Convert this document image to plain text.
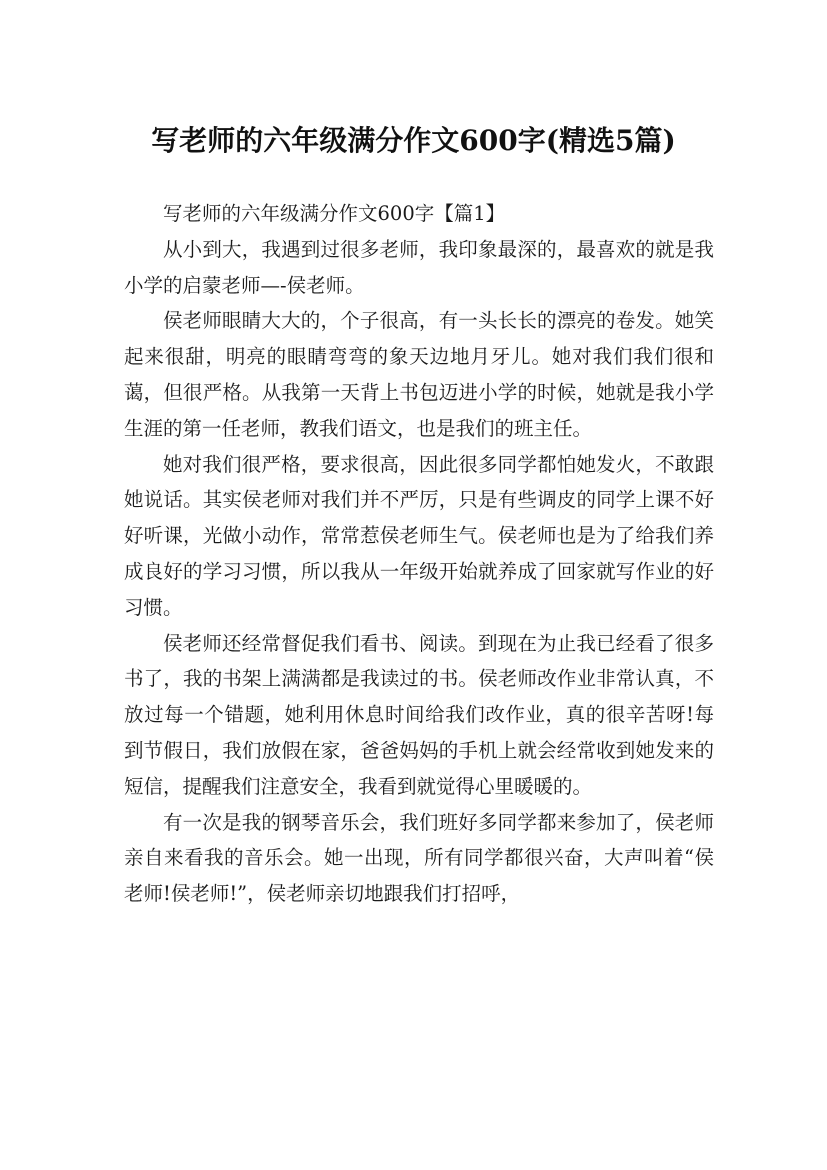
写老师的六年级满分作文600字(精选5篇)

写老师的六年级满分作文600字【篇1】

从小到大，我遇到过很多老师，我印象最深的，最喜欢的就是我小学的启蒙老师—-侯老师。

侯老师眼睛大大的，个子很高，有一头长长的漂亮的卷发。她笑起来很甜，明亮的眼睛弯弯的象天边地月牙儿。她对我们我们很和蔼，但很严格。从我第一天背上书包迈进小学的时候，她就是我小学生涯的第一任老师，教我们语文，也是我们的班主任。

她对我们很严格，要求很高，因此很多同学都怕她发火，不敢跟她说话。其实侯老师对我们并不严厉，只是有些调皮的同学上课不好好听课，光做小动作，常常惹侯老师生气。侯老师也是为了给我们养成良好的学习习惯，所以我从一年级开始就养成了回家就写作业的好习惯。

侯老师还经常督促我们看书、阅读。到现在为止我已经看了很多书了，我的书架上满满都是我读过的书。侯老师改作业非常认真，不放过每一个错题，她利用休息时间给我们改作业，真的很辛苦呀!每到节假日，我们放假在家，爸爸妈妈的手机上就会经常收到她发来的短信，提醒我们注意安全，我看到就觉得心里暖暖的。

有一次是我的钢琴音乐会，我们班好多同学都来参加了，侯老师亲自来看我的音乐会。她一出现，所有同学都很兴奋，大声叫着“侯老师!侯老师!”，侯老师亲切地跟我们打招呼，
